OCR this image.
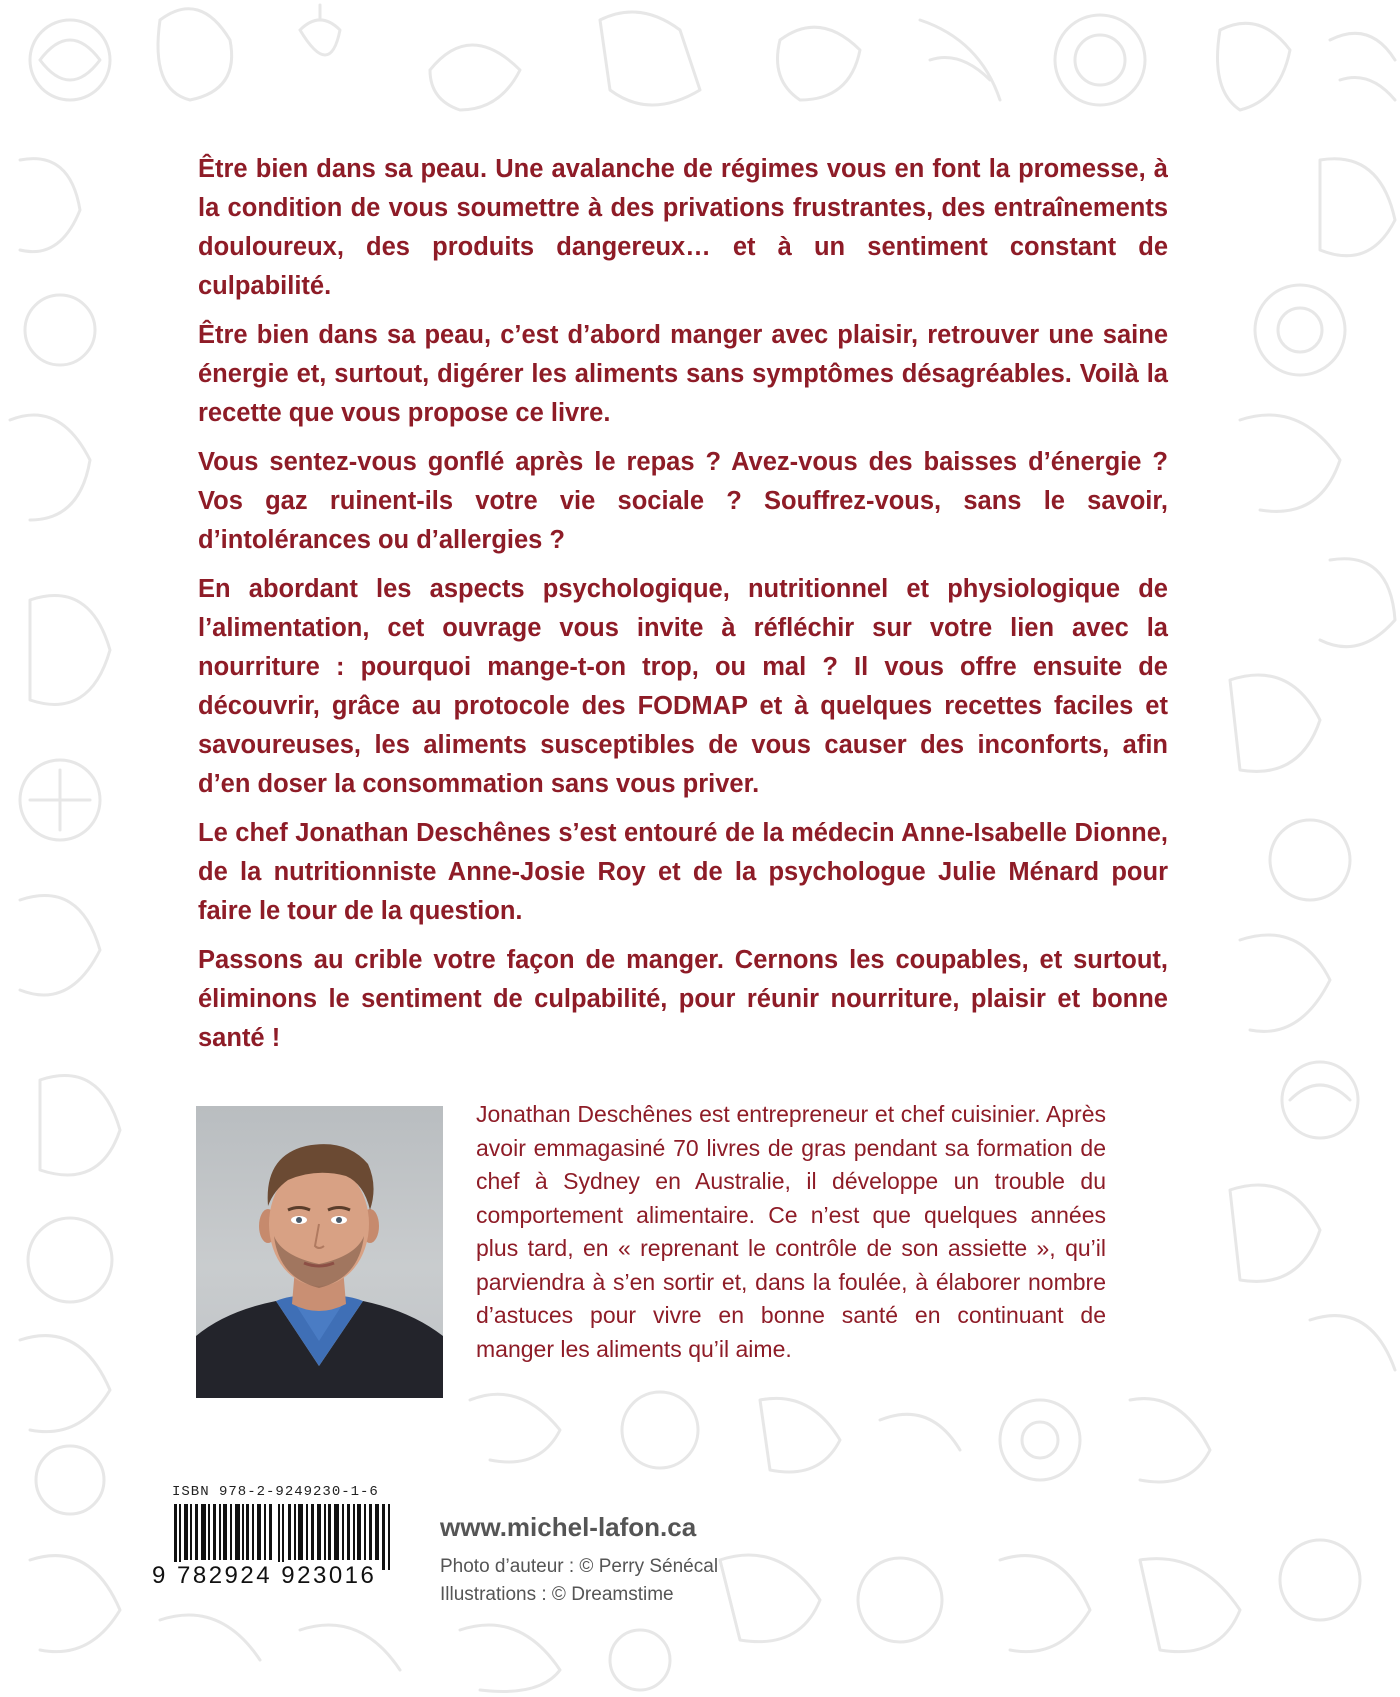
Être bien dans sa peau. Une avalanche de régimes vous en font la promesse, à la condition de vous soumettre à des privations frustrantes, des entraînements douloureux, des produits dangereux… et à un sentiment constant de culpabilité.

Être bien dans sa peau, c’est d’abord manger avec plaisir, retrouver une saine énergie et, surtout, digérer les aliments sans symptômes désagréables. Voilà la recette que vous propose ce livre.

Vous sentez-vous gonflé après le repas ? Avez-vous des baisses d’énergie ? Vos gaz ruinent-ils votre vie sociale ? Souffrez-vous, sans le savoir, d’intolérances ou d’allergies ?

En abordant les aspects psychologique, nutritionnel et physiologique de l’alimentation, cet ouvrage vous invite à réfléchir sur votre lien avec la nourriture : pourquoi mange-t-on trop, ou mal ? Il vous offre ensuite de découvrir, grâce au protocole des FODMAP et à quelques recettes faciles et savoureuses, les aliments susceptibles de vous causer des inconforts, afin d’en doser la consommation sans vous priver.

Le chef Jonathan Deschênes s’est entouré de la médecin Anne-Isabelle Dionne, de la nutritionniste Anne-Josie Roy et de la psychologue Julie Ménard pour faire le tour de la question.

Passons au crible votre façon de manger. Cernons les coupables, et surtout, éliminons le sentiment de culpabilité, pour réunir nourriture, plaisir et bonne santé !

Jonathan Deschênes est entrepreneur et chef cuisinier. Après avoir emmagasiné 70 livres de gras pendant sa formation de chef à Sydney en Australie, il développe un trouble du comportement alimentaire. Ce n’est que quelques années plus tard, en « reprenant le contrôle de son assiette », qu’il parviendra à s’en sortir et, dans la foulée, à élaborer nombre d’astuces pour vivre en bonne santé en continuant de manger les aliments qu’il aime.
ISBN 978-2-9249230-1-6
9 782924 923016
www.michel-lafon.ca
Photo d’auteur : © Perry Sénécal
Illustrations : © Dreamstime
